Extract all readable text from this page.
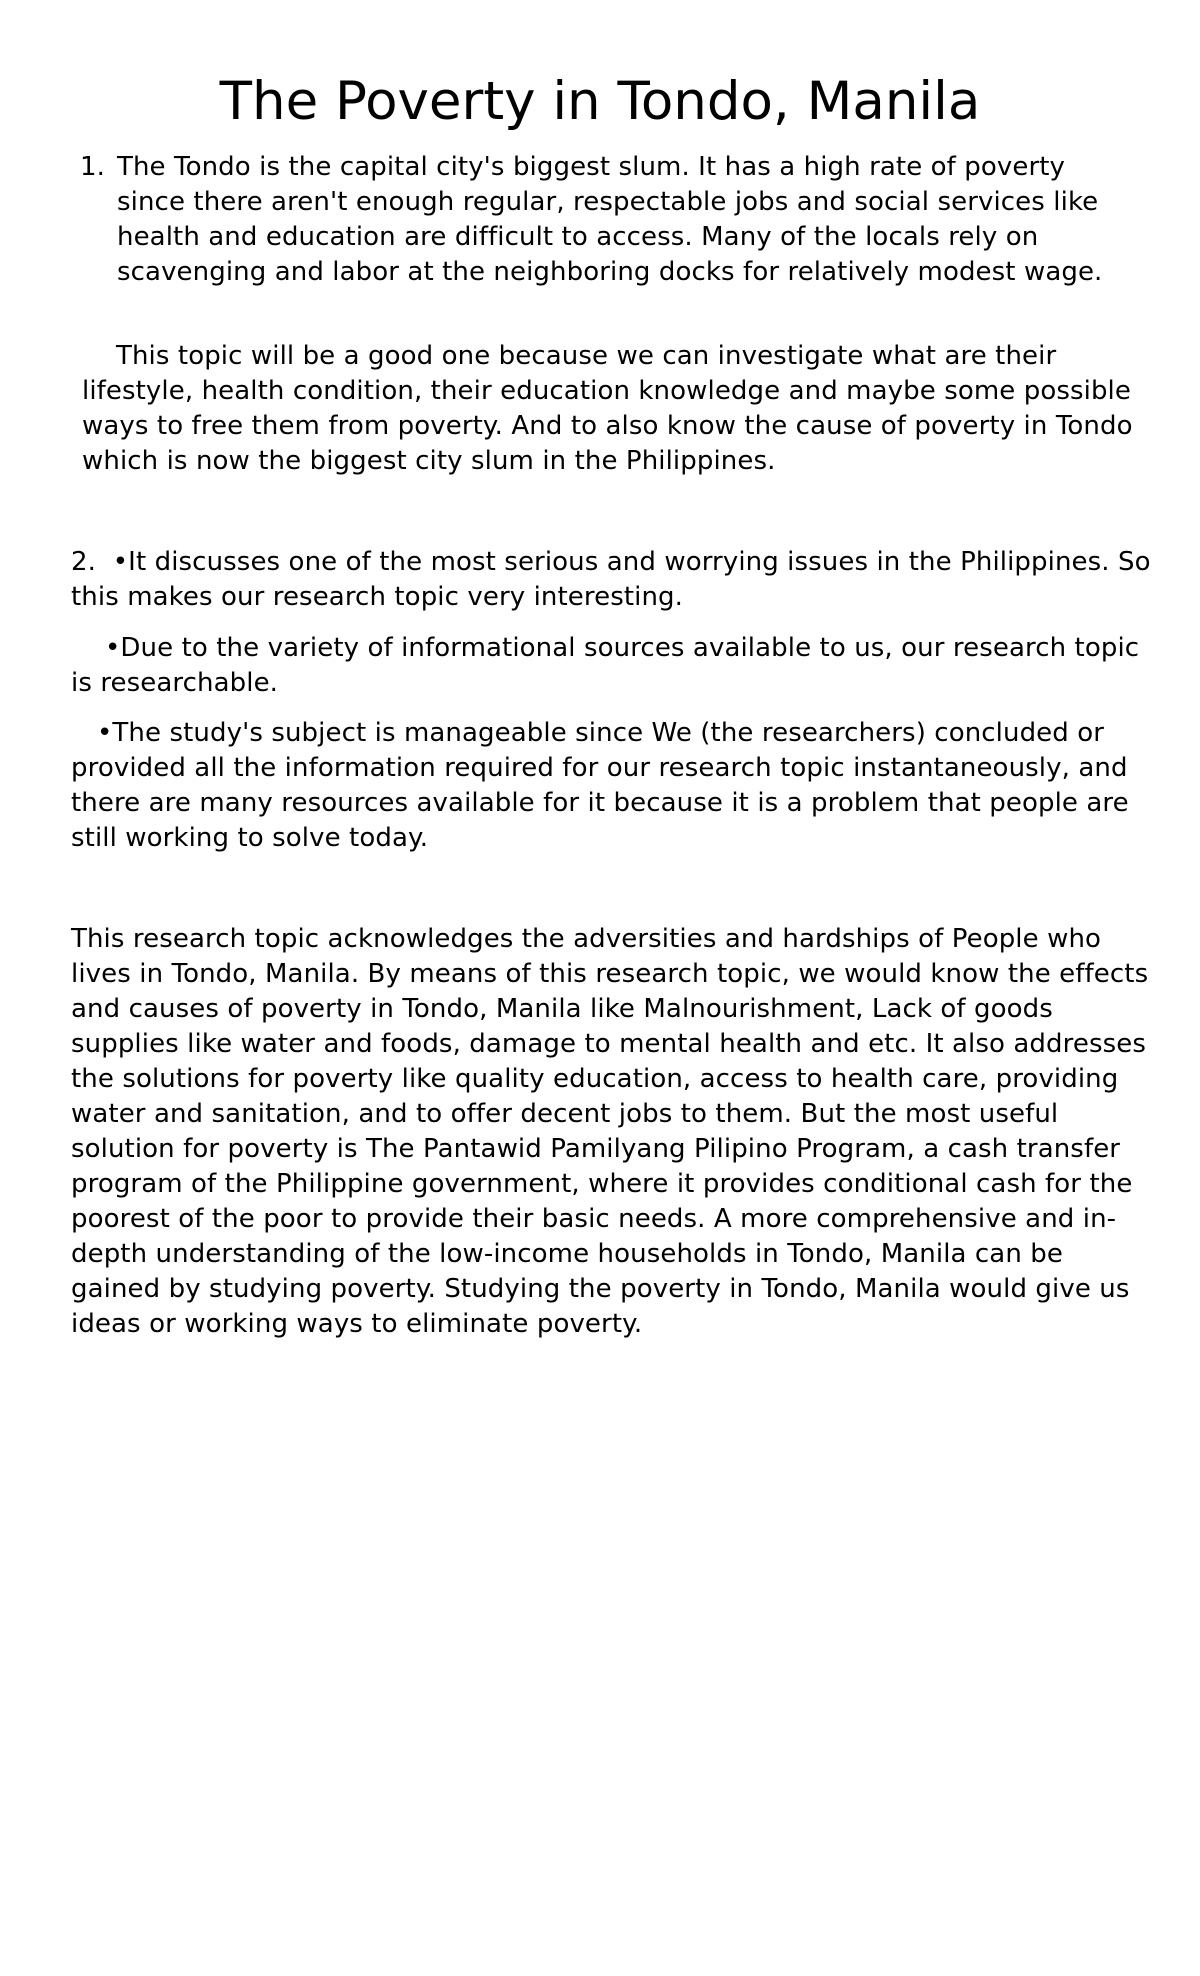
The Poverty in Tondo, Manila
1. The Tondo is the capital city's biggest slum. It has a high rate of poverty since there aren't enough regular, respectable jobs and social services like health and education are difficult to access. Many of the locals rely on scavenging and labor at the neighboring docks for relatively modest wage.

This topic will be a good one because we can investigate what are their lifestyle, health condition, their education knowledge and maybe some possible ways to free them from poverty. And to also know the cause of poverty in Tondo which is now the biggest city slum in the Philippines.

2. •It discusses one of the most serious and worrying issues in the Philippines. So this makes our research topic very interesting.

•Due to the variety of informational sources available to us, our research topic is researchable.

•The study's subject is manageable since We (the researchers) concluded or provided all the information required for our research topic instantaneously, and there are many resources available for it because it is a problem that people are still working to solve today.

This research topic acknowledges the adversities and hardships of People who lives in Tondo, Manila. By means of this research topic, we would know the effects and causes of poverty in Tondo, Manila like Malnourishment, Lack of goods supplies like water and foods, damage to mental health and etc. It also addresses the solutions for poverty like quality education, access to health care, providing water and sanitation, and to offer decent jobs to them. But the most useful solution for poverty is The Pantawid Pamilyang Pilipino Program, a cash transfer program of the Philippine government, where it provides conditional cash for the poorest of the poor to provide their basic needs. A more comprehensive and in-depth understanding of the low-income households in Tondo, Manila can be gained by studying poverty. Studying the poverty in Tondo, Manila would give us ideas or working ways to eliminate poverty.
